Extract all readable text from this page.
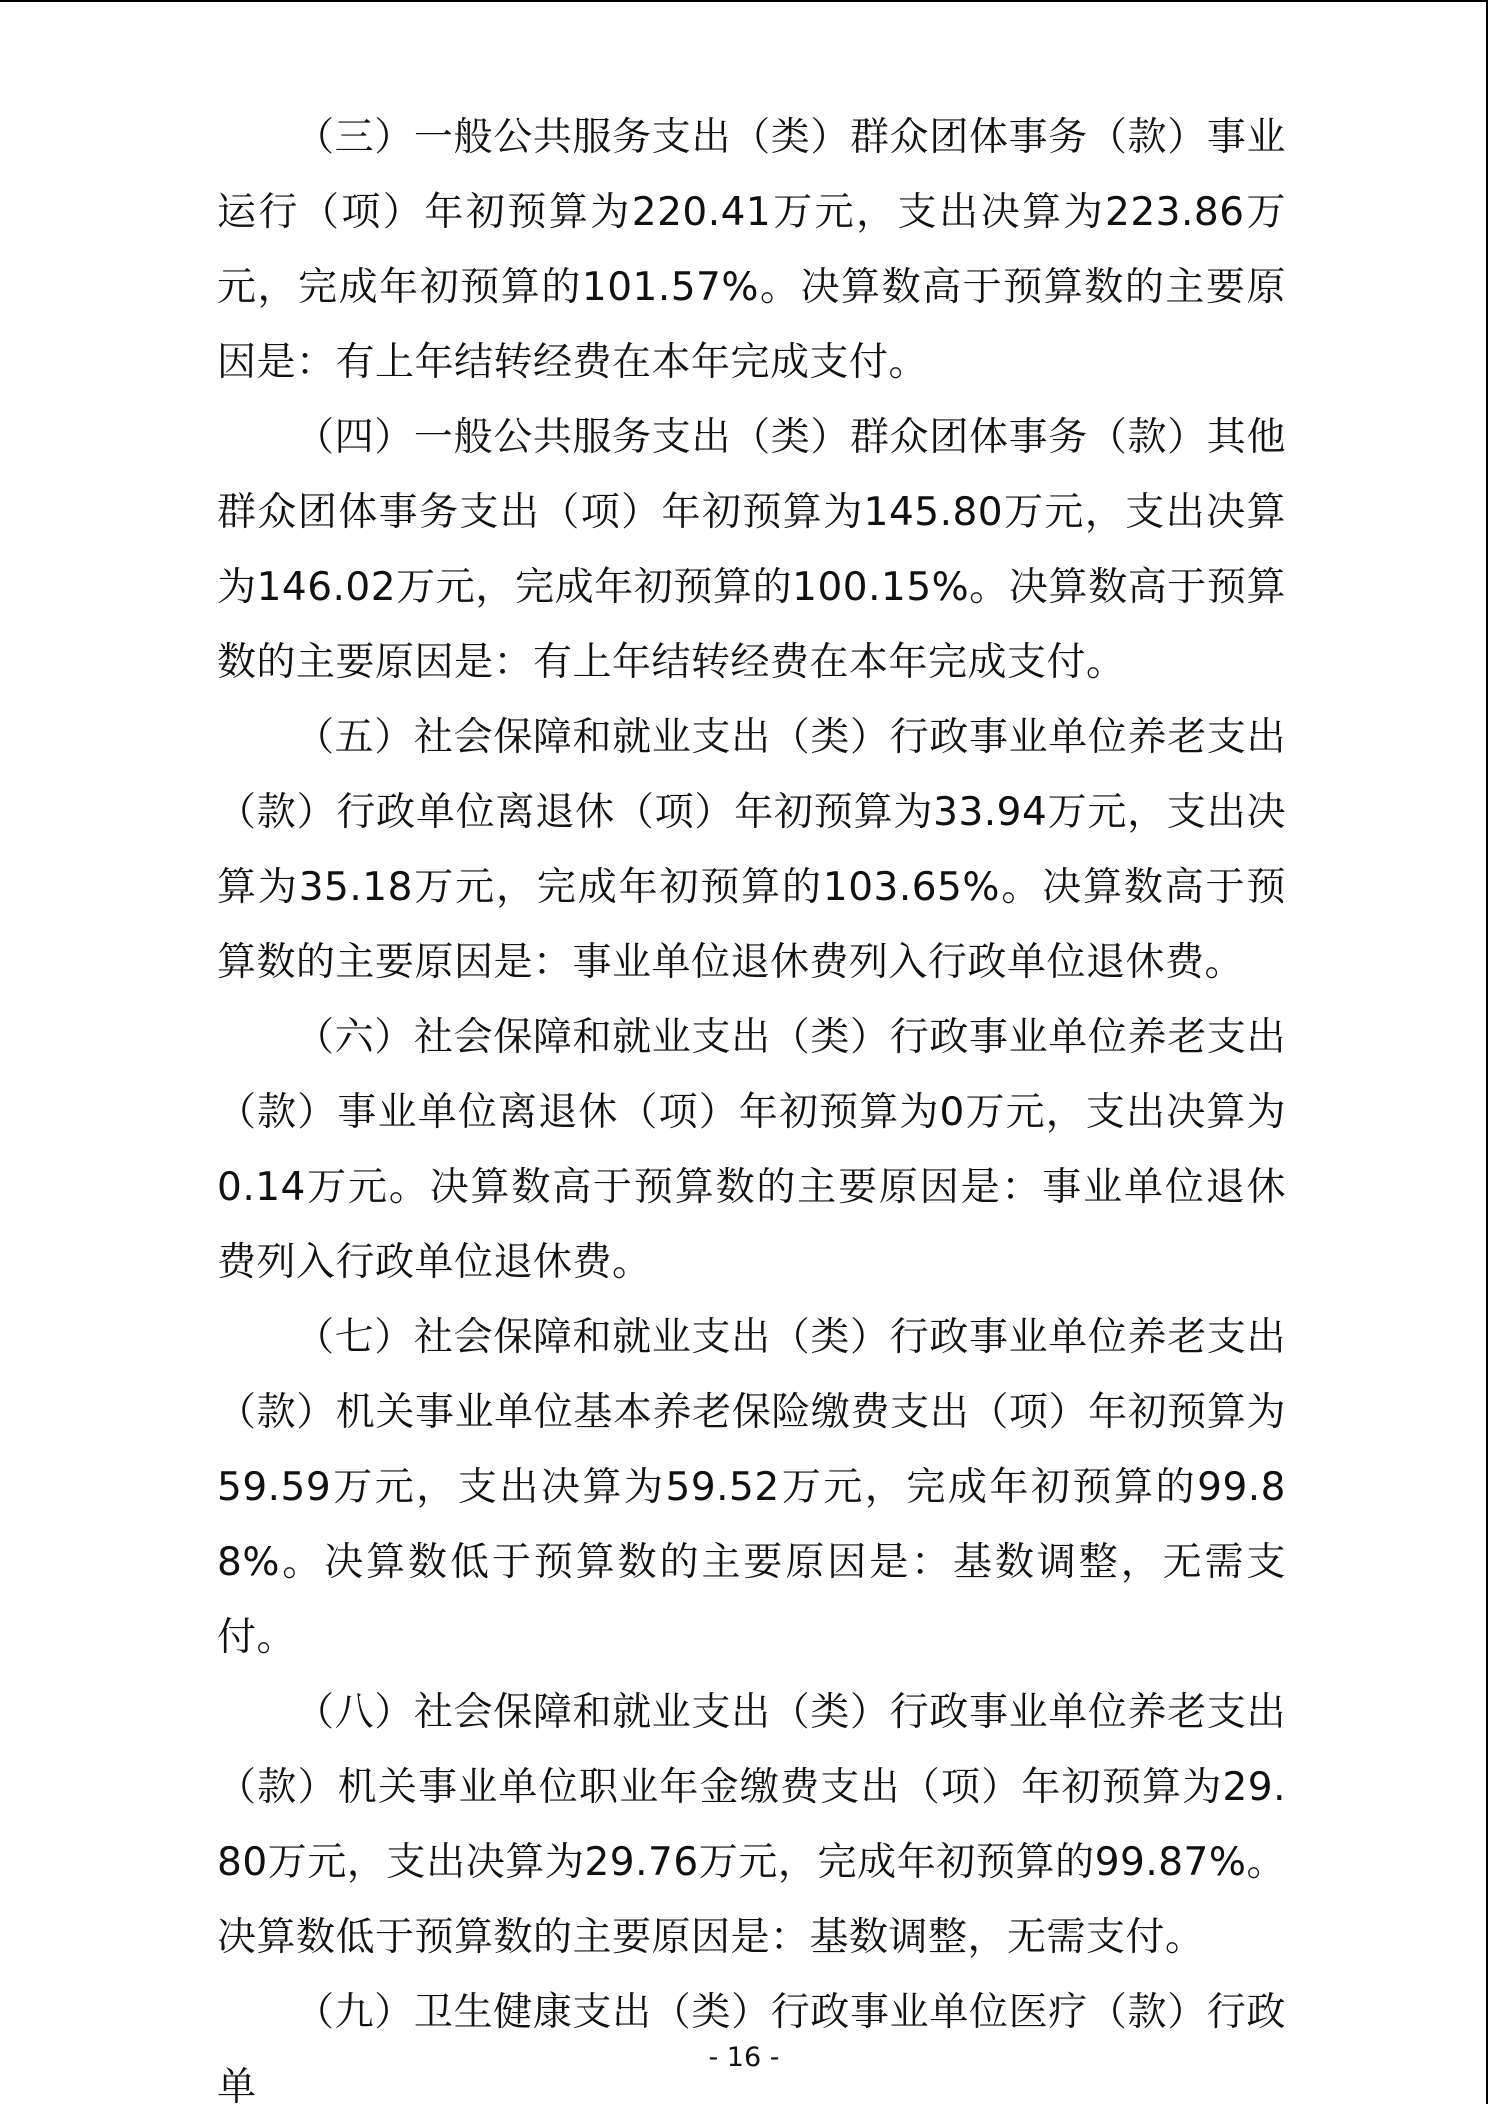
（三）一般公共服务支出（类）群众团体事务（款）事业运行（项）年初预算为220.41万元，支出决算为223.86万元，完成年初预算的101.57%。决算数高于预算数的主要原因是：有上年结转经费在本年完成支付。

（四）一般公共服务支出（类）群众团体事务（款）其他群众团体事务支出（项）年初预算为145.80万元，支出决算为146.02万元，完成年初预算的100.15%。决算数高于预算数的主要原因是：有上年结转经费在本年完成支付。

（五）社会保障和就业支出（类）行政事业单位养老支出（款）行政单位离退休（项）年初预算为33.94万元，支出决算为35.18万元，完成年初预算的103.65%。决算数高于预算数的主要原因是：事业单位退休费列入行政单位退休费。

（六）社会保障和就业支出（类）行政事业单位养老支出（款）事业单位离退休（项）年初预算为0万元，支出决算为0.14万元。决算数高于预算数的主要原因是：事业单位退休费列入行政单位退休费。

（七）社会保障和就业支出（类）行政事业单位养老支出（款）机关事业单位基本养老保险缴费支出（项）年初预算为59.59万元，支出决算为59.52万元，完成年初预算的99.88%。决算数低于预算数的主要原因是：基数调整，无需支付。

（八）社会保障和就业支出（类）行政事业单位养老支出（款）机关事业单位职业年金缴费支出（项）年初预算为29.80万元，支出决算为29.76万元，完成年初预算的99.87%。决算数低于预算数的主要原因是：基数调整，无需支付。

（九）卫生健康支出（类）行政事业单位医疗（款）行政单

- 16 -
